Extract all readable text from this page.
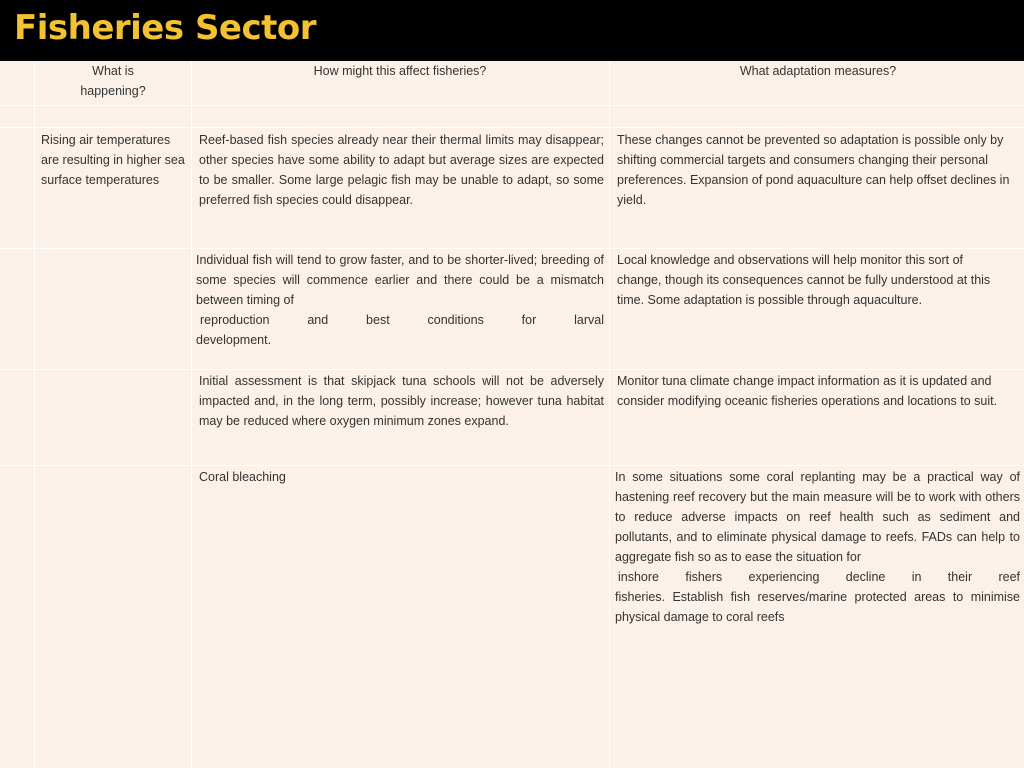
Fisheries Sector
What is happening?
How might this affect fisheries?	What adaptation measures?
Rising air temperatures are resulting in higher sea surface temperatures
Reef-based fish species already near their thermal limits may disappear; other species have some ability to adapt but average sizes are expected to be smaller. Some large pelagic fish may be unable to adapt, so some preferred fish species could disappear.
These changes cannot be prevented so adaptation is possible only by shifting commercial targets and consumers changing their personal preferences. Expansion of pond aquaculture can help offset declines in yield.
Individual fish will tend to grow faster, and to be shorter-lived; breeding of some species will commence earlier and there could be a mismatch between timing of
reproduction and best conditions for larval
development.
Local knowledge and observations will help monitor this sort of change, though its consequences cannot be fully understood at this time. Some adaptation is possible through aquaculture.
Initial assessment is that skipjack tuna schools will not be adversely impacted and, in the long term, possibly increase; however tuna habitat may be reduced where oxygen minimum zones expand.
Monitor tuna climate change impact information as it is updated and consider modifying oceanic fisheries operations and locations to suit.
Coral bleaching	In some situations some coral replanting may be a practical way of hastening reef recovery but the main measure will be to work with others to reduce adverse impacts on reef health such as sediment and pollutants, and to eliminate physical damage to reefs. FADs can help to aggregate fish so as to ease the situation for
inshore fishers experiencing decline in their reef
fisheries. Establish fish reserves/marine protected areas to minimise physical damage to coral reefs
